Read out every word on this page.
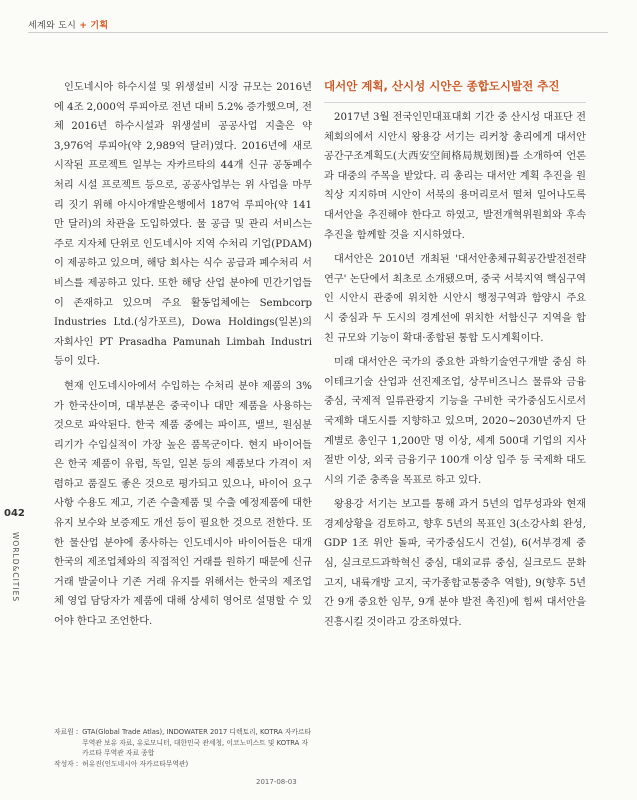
세계와 도시 + 기획
042
WORLD&CITIES

인도네시아 하수시설 및 위생설비 시장 규모는 2016년에 4조 2,000억 루피아로 전년 대비 5.2% 증가했으며, 전체 2016년 하수시설과 위생설비 공공사업 지출은 약 3,976억 루피아(약 2,989억 달러)였다. 2016년에 새로 시작된 프로젝트 일부는 자카르타의 44개 신규 공동폐수처리 시설 프로젝트 등으로, 공공사업부는 위 사업을 마무리 짓기 위해 아시아개발은행에서 187억 루피아(약 141만 달러)의 차관을 도입하였다. 물 공급 및 관리 서비스는 주로 지자체 단위로 인도네시아 지역 수처리 기업(PDAM)이 제공하고 있으며, 해당 회사는 식수 공급과 폐수처리 서비스를 제공하고 있다. 또한 해당 산업 분야에 민간기업들이 존재하고 있으며 주요 활동업체에는 Sembcorp Industries Ltd.(싱가포르), Dowa Holdings(일본)의 자회사인 PT Prasadha Pamunah Limbah Industri 등이 있다.

현재 인도네시아에서 수입하는 수처리 분야 제품의 3%가 한국산이며, 대부분은 중국이나 대만 제품을 사용하는 것으로 파악된다. 한국 제품 중에는 파이프, 밸브, 원심분리기가 수입실적이 가장 높은 품목군이다. 현지 바이어들은 한국 제품이 유럽, 독일, 일본 등의 제품보다 가격이 저렴하고 품질도 좋은 것으로 평가되고 있으나, 바이어 요구사항 수용도 제고, 기존 수출제품 및 수출 예정제품에 대한 유지 보수와 보증제도 개선 등이 필요한 것으로 전한다. 또한 물산업 분야에 종사하는 인도네시아 바이어들은 대개 한국의 제조업체와의 직접적인 거래를 원하기 때문에 신규 거래 발굴이나 기존 거래 유지를 위해서는 한국의 제조업체 영업 담당자가 제품에 대해 상세히 영어로 설명할 수 있어야 한다고 조언한다.

자료원 : GTA(Global Trade Atlas), INDOWATER 2017 디렉토리, KOTRA 자카르타 무역관 보유 자료, 유로모니터, 대한민국 관세청, 이코노미스트 및 KOTRA 자카르타 무역관 자료 종합
작성자 : 허유진(인도네시아 자카르타무역관)
2017-08-03
대서안 계획, 산시성 시안은 종합도시발전 추진

2017년 3월 전국인민대표대회 기간 중 산시성 대표단 전체회의에서 시안시 왕용강 서기는 리커창 총리에게 대서안공간구조계획도(大西安空间格局规划图)를 소개하여 언론과 대중의 주목을 받았다. 리 총리는 대서안 계획 추진을 원칙상 지지하며 시안이 서북의 용머리로서 떨쳐 일어나도록 대서안을 추진해야 한다고 하였고, 발전개혁위원회와 후속 추진을 함께할 것을 지시하였다.

대서안은 2010년 개최된 '대서안총체규획공간발전전략연구' 논단에서 최초로 소개됐으며, 중국 서북지역 핵심구역인 시안시 관중에 위치한 시안시 행정구역과 함양시 주요 시 중심과 두 도시의 경계선에 위치한 서함신구 지역을 합친 규모와 기능이 확대·종합된 통합 도시계획이다.

미래 대서안은 국가의 중요한 과학기술연구개발 중심 하이테크기술 산업과 선진제조업, 상무비즈니스 물류와 금융 중심, 국제적 일류관광지 기능을 구비한 국가중심도시로서 국제화 대도시를 지향하고 있으며, 2020~2030년까지 단계별로 총인구 1,200만 명 이상, 세계 500대 기업의 지사 절반 이상, 외국 금융기구 100개 이상 입주 등 국제화 대도시의 기준 충족을 목표로 하고 있다.

왕용강 서기는 보고를 통해 과거 5년의 업무성과와 현재 경제상황을 검토하고, 향후 5년의 목표인 3(소강사회 완성, GDP 1조 위안 돌파, 국가중심도시 건설), 6(서부경제 중심, 실크로드과학혁신 중심, 대외교류 중심, 실크로드 문화고지, 내륙개방 고지, 국가종합교통중추 역할), 9(향후 5년간 9개 중요한 임무, 9개 분야 발전 촉진)에 힘써 대서안을 진흥시킬 것이라고 강조하였다.
